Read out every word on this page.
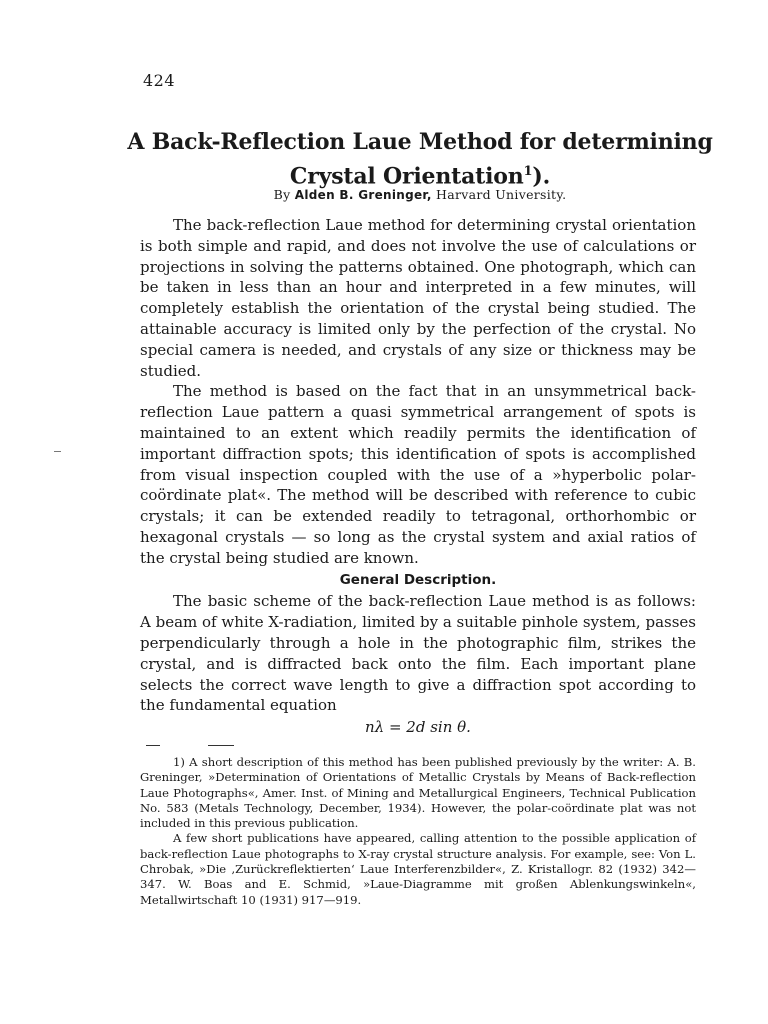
424
A Back-Reflection Laue Method for determining
Crystal Orientation$^1$).
By Alden B. Greninger, Harvard University.

The back-reflection Laue method for determining crystal orientation is both simple and rapid, and does not involve the use of calculations or projections in solving the patterns obtained. One photograph, which can be taken in less than an hour and interpreted in a few minutes, will completely establish the orientation of the crystal being studied. The attainable accuracy is limited only by the perfection of the crystal. No special camera is needed, and crystals of any size or thickness may be studied.

The method is based on the fact that in an unsymmetrical back-reflection Laue pattern a quasi symmetrical arrangement of spots is maintained to an extent which readily permits the identification of important diffraction spots; this identification of spots is accomplished from visual inspection coupled with the use of a »hyperbolic polar-coördinate plat«. The method will be described with reference to cubic crystals; it can be extended readily to tetragonal, orthorhombic or hexagonal crystals — so long as the crystal system and axial ratios of the crystal being studied are known.

General Description.

The basic scheme of the back-reflection Laue method is as follows: A beam of white X-radiation, limited by a suitable pinhole system, passes perpendicularly through a hole in the photographic film, strikes the crystal, and is diffracted back onto the film. Each important plane selects the correct wave length to give a diffraction spot according to the fundamental equation

nλ = 2d sin θ.

1) A short description of this method has been published previously by the writer: A. B. Greninger, »Determination of Orientations of Metallic Crystals by Means of Back-reflection Laue Photographs«, Amer. Inst. of Mining and Metallurgical Engineers, Technical Publication No. 583 (Metals Technology, December, 1934). However, the polar-coördinate plat was not included in this previous publication.

A few short publications have appeared, calling attention to the possible application of back-reflection Laue photographs to X-ray crystal structure analysis. For example, see: Von L. Chrobak, »Die ‚Zurückreflektierten‘ Laue Interferenzbilder«, Z. Kristallogr. 82 (1932) 342—347. W. Boas and E. Schmid, »Laue-Diagramme mit großen Ablenkungswinkeln«, Metallwirtschaft 10 (1931) 917—919.
